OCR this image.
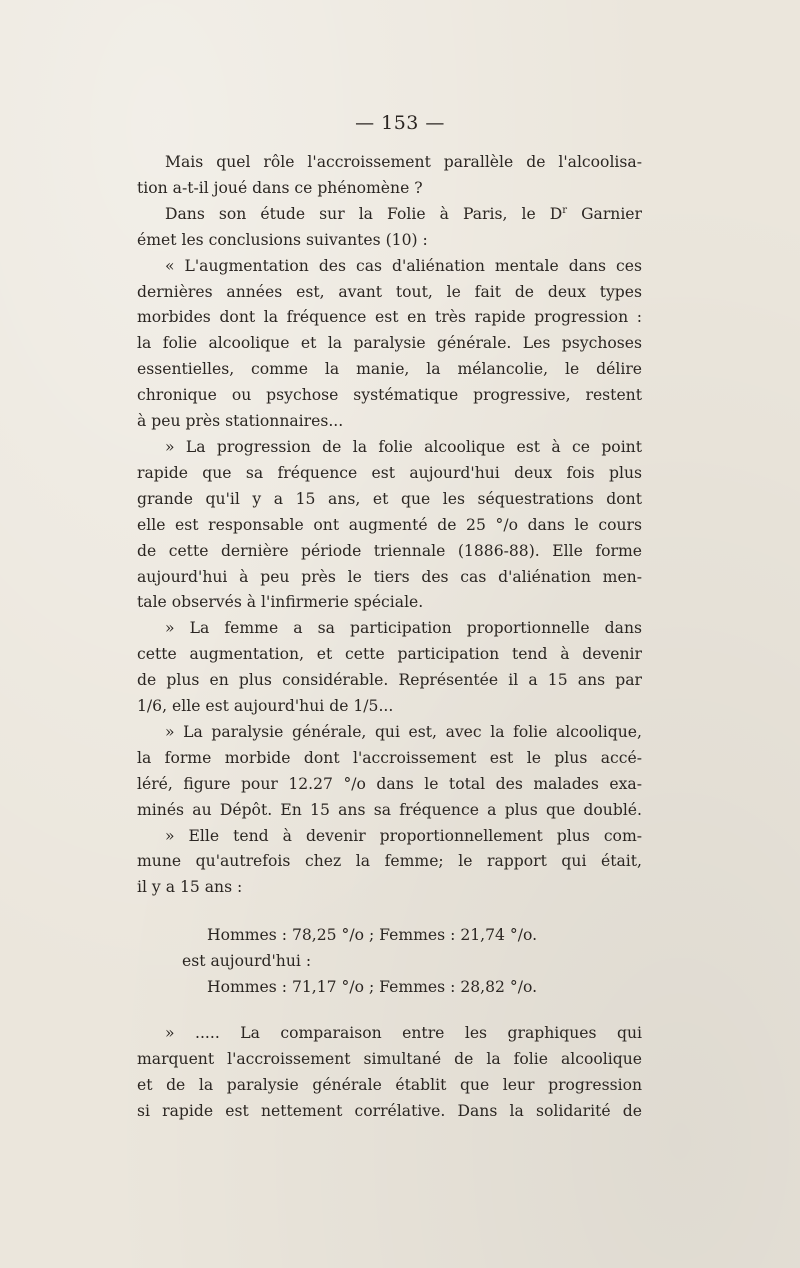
— 153 —
Mais quel rôle l'accroissement parallèle de l'alcoolisa-
tion a-t-il joué dans ce phénomène ?
Dans son étude sur la Folie à Paris, le $D^r$ Garnier
émet les conclusions suivantes (10) :
« L'augmentation des cas d'aliénation mentale dans ces
dernières années est, avant tout, le fait de deux types
morbides dont la fréquence est en très rapide progression :
la folie alcoolique et la paralysie générale. Les psychoses
essentielles, comme la manie, la mélancolie, le délire
chronique ou psychose systématique progressive, restent
à peu près stationnaires...
» La progression de la folie alcoolique est à ce point
rapide que sa fréquence est aujourd'hui deux fois plus
grande qu'il y a 15 ans, et que les séquestrations dont
elle est responsable ont augmenté de 25 °/o dans le cours
de cette dernière période triennale (1886-88). Elle forme
aujourd'hui à peu près le tiers des cas d'aliénation men-
tale observés à l'infirmerie spéciale.
» La femme a sa participation proportionnelle dans
cette augmentation, et cette participation tend à devenir
de plus en plus considérable. Représentée il a 15 ans par
1/6, elle est aujourd'hui de 1/5...
» La paralysie générale, qui est, avec la folie alcoolique,
la forme morbide dont l'accroissement est le plus accé-
léré, figure pour 12.27 °/o dans le total des malades exa-
minés au Dépôt. En 15 ans sa fréquence a plus que doublé.
» Elle tend à devenir proportionnellement plus com-
mune qu'autrefois chez la femme; le rapport qui était,
il y a 15 ans :
Hommes : 78,25 °/o ; Femmes : 21,74 °/o.
est aujourd'hui :
Hommes : 71,17 °/o ; Femmes : 28,82 °/o.
» ..... La comparaison entre les graphiques qui
marquent l'accroissement simultané de la folie alcoolique
et de la paralysie générale établit que leur progression
si rapide est nettement corrélative. Dans la solidarité de
